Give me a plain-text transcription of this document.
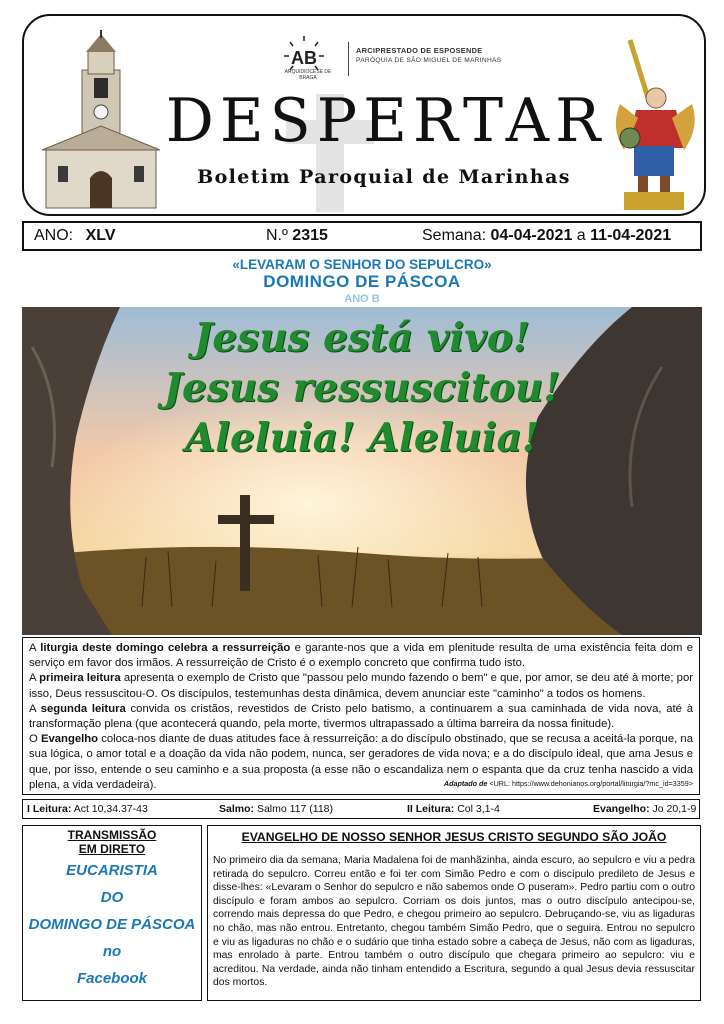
AB
ARQUIDIOCESE DE BRAGA
ARCIPRESTADO DE ESPOSENDE
PARÓQUIA DE SÃO MIGUEL DE MARINHAS
DESPERTAR
Boletim Paroquial de Marinhas
ANO: XLV	N.º 2315	Semana: 04-04-2021 a 11-04-2021
«LEVARAM O SENHOR DO SEPULCRO»
DOMINGO DE PÁSCOA
ANO B
Jesus está vivo!
Jesus ressuscitou!
Aleluia! Aleluia!

A liturgia deste domingo celebra a ressurreição e garante-nos que a vida em plenitude resulta de uma existência feita dom e serviço em favor dos irmãos. A ressurreição de Cristo é o exemplo concreto que confirma tudo isto.

A primeira leitura apresenta o exemplo de Cristo que "passou pelo mundo fazendo o bem" e que, por amor, se deu até à morte; por isso, Deus ressuscitou-O. Os discípulos, testemunhas desta dinâmica, devem anunciar este "caminho" a todos os homens.

A segunda leitura convida os cristãos, revestidos de Cristo pelo batismo, a continuarem a sua caminhada de vida nova, até à transformação plena (que acontecerá quando, pela morte, tivermos ultrapassado a última barreira da nossa finitude).

O Evangelho coloca-nos diante de duas atitudes face à ressurreição: a do discípulo obstinado, que se recusa a aceitá-la porque, na sua lógica, o amor total e a doação da vida não podem, nunca, ser geradores de vida nova; e a do discípulo ideal, que ama Jesus e que, por isso, entende o seu caminho e a sua proposta (a esse não o escandaliza nem o espanta que da cruz tenha nascido a vida plena, a vida verdadeira).	Adaptado de <URL: https://www.dehonianos.org/portal/liturgia/?mc_id=3359>
I Leitura: Act 10,34.37-43	Salmo: Salmo 117 (118)	II Leitura: Col 3,1-4	Evangelho: Jo 20,1-9
TRANSMISSÃO
EM DIRETO
EUCARISTIA
DO
DOMINGO DE PÁSCOA
no
Facebook
EVANGELHO DE NOSSO SENHOR JESUS CRISTO SEGUNDO SÃO JOÃO
No primeiro dia da semana, Maria Madalena foi de manhãzinha, ainda escuro, ao sepulcro e viu a pedra retirada do sepulcro. Correu então e foi ter com Simão Pedro e com o discípulo predileto de Jesus e disse-lhes: «Levaram o Senhor do sepulcro e não sabemos onde O puseram». Pedro partiu com o outro discípulo e foram ambos ao sepulcro. Corriam os dois juntos, mas o outro discípulo antecipou-se, correndo mais depressa do que Pedro, e chegou primeiro ao sepulcro. Debruçando-se, viu as ligaduras no chão, mas não entrou. Entretanto, chegou também Simão Pedro, que o seguira. Entrou no sepulcro e viu as ligaduras no chão e o sudário que tinha estado sobre a cabeça de Jesus, não com as ligaduras, mas enrolado à parte. Entrou também o outro discípulo que chegara primeiro ao sepulcro: viu e acreditou. Na verdade, ainda não tinham entendido a Escritura, segundo a qual Jesus devia ressuscitar dos mortos.
